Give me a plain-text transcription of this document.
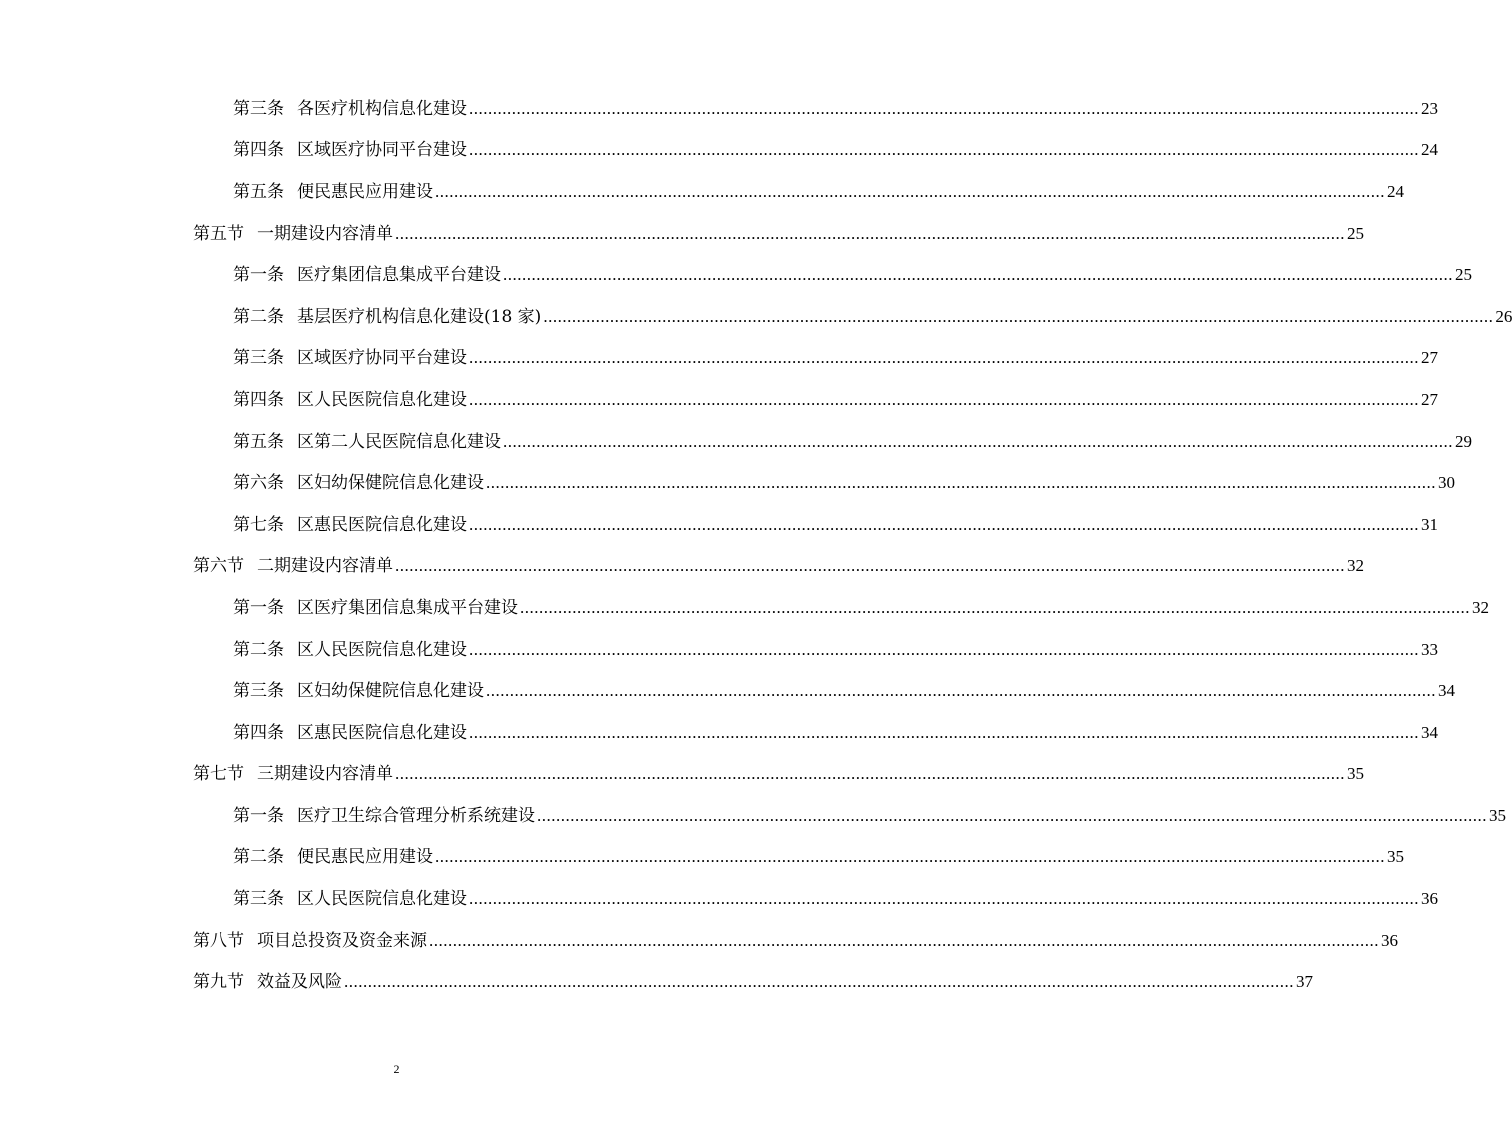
第三条 各医疗机构信息化建设 ........................................................................................................................................................................................................ 23
第四条 区域医疗协同平台建设 ........................................................................................................................................................................................................ 24
第五条 便民惠民应用建设 ........................................................................................................................................................................................................ 24
第五节 一期建设内容清单 ........................................................................................................................................................................................................ 25
第一条 医疗集团信息集成平台建设 ........................................................................................................................................................................................................ 25
第二条 基层医疗机构信息化建设(18 家) ........................................................................................................................................................................................................ 26
第三条 区域医疗协同平台建设 ........................................................................................................................................................................................................ 27
第四条 区人民医院信息化建设 ........................................................................................................................................................................................................ 27
第五条 区第二人民医院信息化建设 ........................................................................................................................................................................................................ 29
第六条 区妇幼保健院信息化建设 ........................................................................................................................................................................................................ 30
第七条 区惠民医院信息化建设 ........................................................................................................................................................................................................ 31
第六节 二期建设内容清单 ........................................................................................................................................................................................................ 32
第一条 区医疗集团信息集成平台建设 ........................................................................................................................................................................................................ 32
第二条 区人民医院信息化建设 ........................................................................................................................................................................................................ 33
第三条 区妇幼保健院信息化建设 ........................................................................................................................................................................................................ 34
第四条 区惠民医院信息化建设 ........................................................................................................................................................................................................ 34
第七节 三期建设内容清单 ........................................................................................................................................................................................................ 35
第一条 医疗卫生综合管理分析系统建设 ........................................................................................................................................................................................................ 35
第二条 便民惠民应用建设 ........................................................................................................................................................................................................ 35
第三条 区人民医院信息化建设 ........................................................................................................................................................................................................ 36
第八节 项目总投资及资金来源 ........................................................................................................................................................................................................ 36
第九节 效益及风险 ........................................................................................................................................................................................................ 37
2
